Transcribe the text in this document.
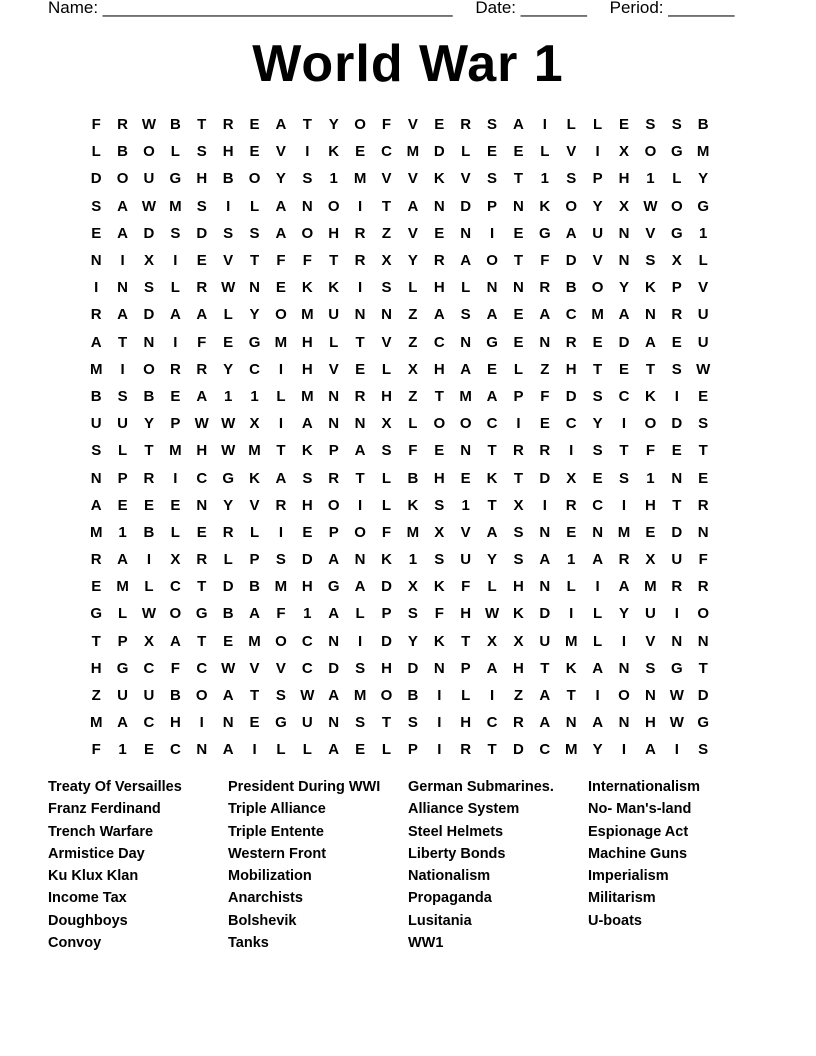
Name: _____________________________________ Date: _______ Period: _______
World War 1
F	R W B	T	R	E	A	T	Y	O	F	V	E	R	S	A	I	L	L	E	S	S	B
L	B	O	L	S	H	E	V	I	K	E	C M D	L	E	E	L	V	I	X	O G M
D	O	U	G	H	B	O	Y	S	1	M	V	V	K	V	S	T	1	S	P	H	1	L	Y
S	A W M	S	I	L	A	N	O	I	T	A	N	D	P	N	K	O	Y	X W O G
E	A	D	S	D	S	S	A	O	H	R	Z	V	E	N	I	E	G	A	U	N	V	G	1
N	I	X	I	E	V	T	F	F	T	R	X	Y	R	A	O	T	F	D	V	N	S	X	L
I	N	S	L	R W N	E	K	K	I	S	L	H	L	N	N	R	B	O	Y	K	P	V
R	A	D	A	A	L	Y	O M U	N	N	Z	A	S	A	E	A	C M A	N	R	U
A	T	N	I	F	E	G M H	L	T	V	Z	C	N	G	E	N	R	E	D	A	E	U
M	I	O	R	R	Y	C	I	H	V	E	L	X	H	A	E	L	Z	H	T	E	T	S W
B	S	B	E	A	1	1	L	M N	R	H	Z	T	M A	P	F	D	S	C	K	I	E
U	U	Y	P W W X	I	A	N	N	X	L	O O	C	I	E	C	Y	I	O	D	S
S	L	T	M H W M	T	K	P	A	S	F	E	N	T	R	R	I	S	T	F	E	T
N	P	R	I	C	G	K	A	S	R	T	L	B	H	E	K	T	D	X	E	S	1	N	E
A	E	E	E	N	Y	V	R	H	O	I	L	K	S	1	T	X	I	R	C	I	H	T	R
M	1	B	L	E	R	L	I	E	P	O	F	M	X	V	A	S	N	E	N M	E	D	N
R	A	I	X	R	L	P	S	D	A	N	K	1	S	U	Y	S	A	1	A	R	X	U	F
E	M	L	C	T	D	B M H	G	A	D	X	K	F	L	H	N	L	I	A M R	R
G	L W O G	B	A	F	1	A	L	P	S	F	H W K	D	I	L	Y	U	I	O
T	P	X	A	T	E	M O	C	N	I	D	Y	K	T	X	X	U M	L	I	V	N	N
H	G	C	F	C W V	V	C	D	S	H	D	N	P	A	H	T	K	A	N	S	G	T
Z	U	U	B	O	A	T	S W A M O	B	I	L	I	Z	A	T	I	O	N W D
M A	C	H	I	N	E	G	U	N	S	T	S	I	H	C	R	A	N	A	N	H W G
F	1	E	C	N	A	I	L	L	A	E	L	P	I	R	T	D	C M	Y	I	A	I	S
Treaty Of Versailles
Franz Ferdinand
Trench Warfare
Armistice Day
Ku Klux Klan
Income Tax
Doughboys
Convoy
President During WWI
Triple Alliance
Triple Entente
Western Front
Mobilization
Anarchists
Bolshevik
Tanks
German Submarines.
Alliance System
Steel Helmets
Liberty Bonds
Nationalism
Propaganda
Lusitania
WW1
Internationalism
No- Man's-land
Espionage Act
Machine Guns
Imperialism
Militarism
U-boats
